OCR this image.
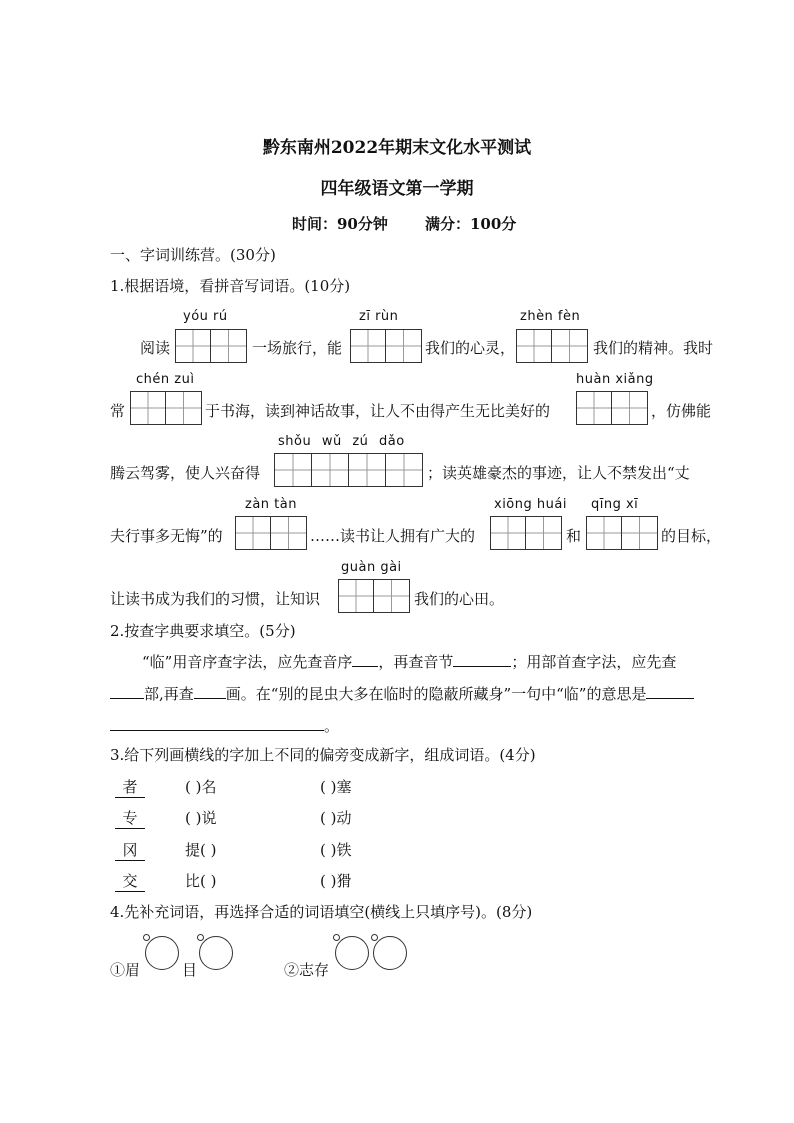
黔东南州2022年期末文化水平测试
四年级语文第一学期
时间：90分钟 满分：100分
一、字词训练营。(30分)
1.根据语境，看拼音写词语。(10分)
yóu rú	zī rùn	zhèn fèn
阅读	一场旅行，能	我们的心灵，	我们的精神。我时
chén zuì	huàn xiǎng
常	于书海，读到神话故事，让人不由得产生无比美好的	，仿佛能
shǒu wǔ zú dǎo
腾云驾雾，使人兴奋得	；读英雄豪杰的事迹，让人不禁发出“丈
zàn tàn	xiōng huái qīng xī
夫行事多无悔”的	……读书让人拥有广大的	和	的目标，
guàn gài
让读书成为我们的习惯，让知识	我们的心田。
2.按查字典要求填空。(5分)
“临”用音序查字法，应先查音序 ，再查音节	；用部首查字法，应先查
部,再查 画。在“别的昆虫大多在临时的隐蔽所藏身”一句中“临”的意思是
。
3.给下列画横线的字加上不同的偏旁变成新字，组成词语。(4分)
者	( )名	( )塞
专	( )说	( )动
冈	提( )	( )铁
交	比( )	( )猾
4.先补充词语，再选择合适的词语填空(横线上只填序号)。(8分)
①眉	目	②志存
